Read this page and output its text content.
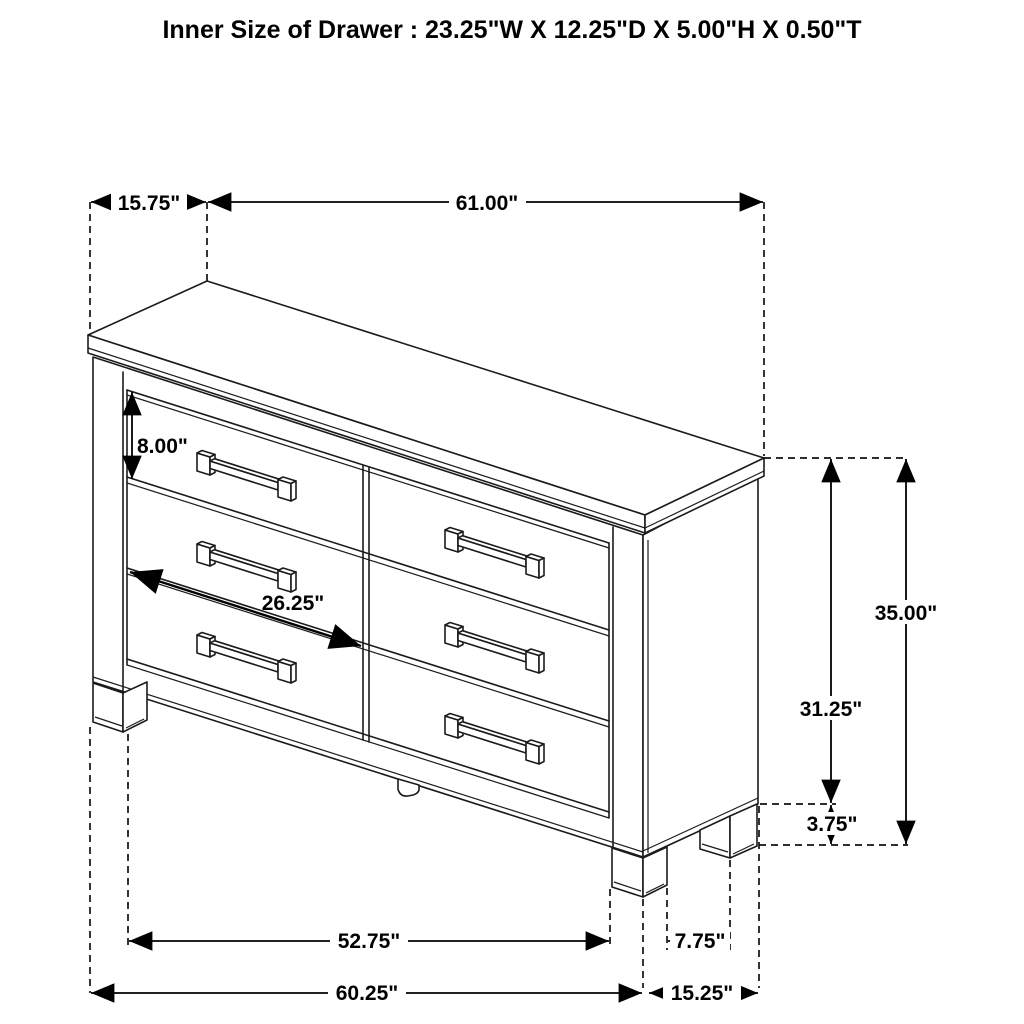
Inner Size of Drawer : 23.25"W X 12.25"D X 5.00"H X 0.50"T
15.75"	61.00"
8.00"
26.25"	35.00"
31.25"
3.75"
52.75"	7.75"
60.25"	15.25"
